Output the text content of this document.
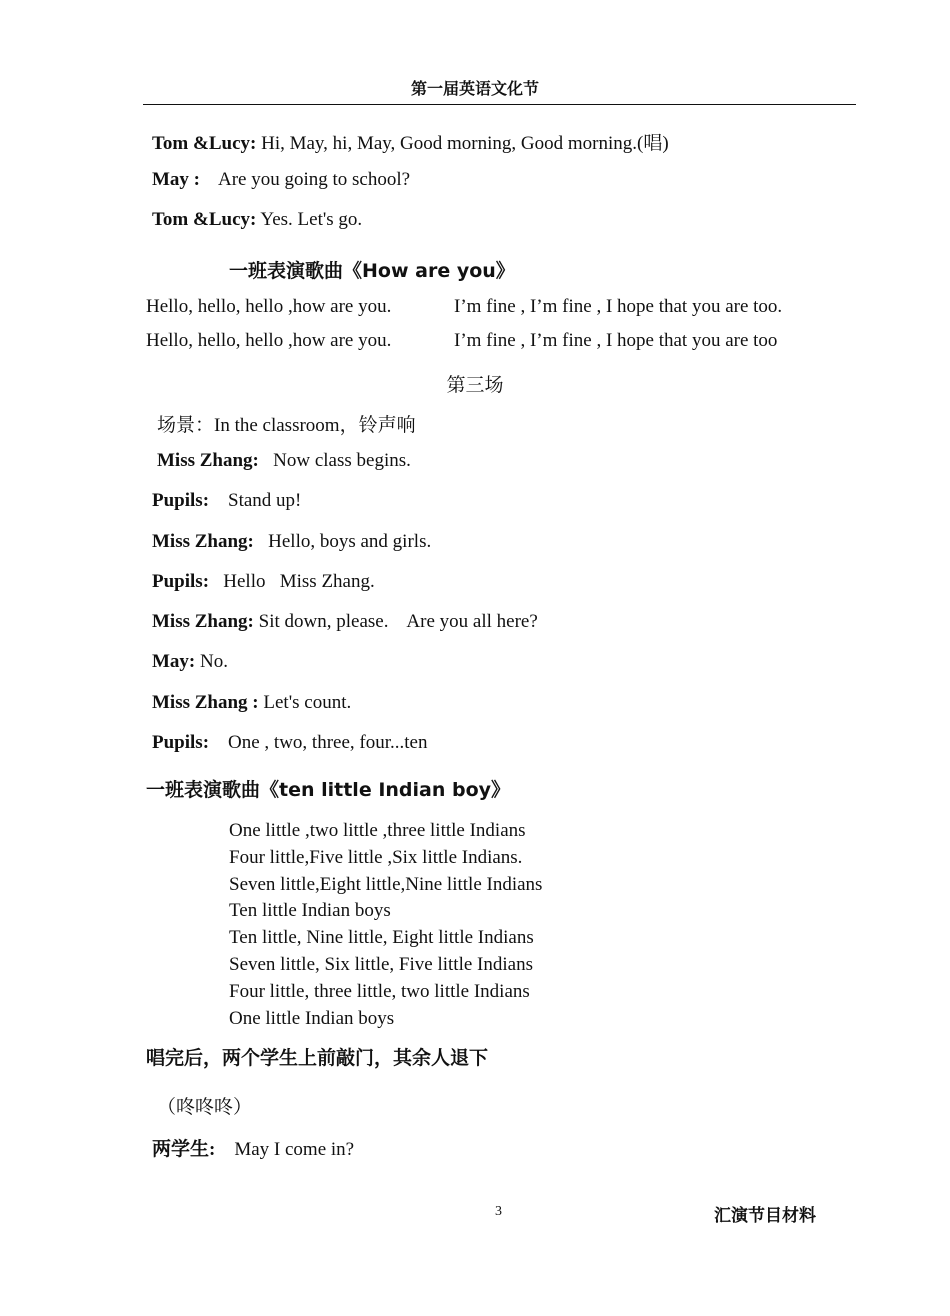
第一届英语文化节
Tom &Lucy: Hi, May, hi, May, Good morning, Good morning.(唱)
May :    Are you going to school?
Tom &Lucy: Yes. Let's go.
一班表演歌曲《How are you》
Hello, hello, hello ,how are you.	I’m fine , I’m fine , I hope that you are too.
Hello, hello, hello ,how are you.	I’m fine , I’m fine , I hope that you are too
第三场
场景：In the classroom，铃声响
Miss Zhang:   Now class begins.
Pupils:    Stand up!
Miss Zhang:   Hello, boys and girls.
Pupils:   Hello   Miss Zhang.
Miss Zhang: Sit down, please.    Are you all here?
May: No.
Miss Zhang : Let's count.
Pupils:    One , two, three, four...ten
一班表演歌曲《ten little Indian boy》
One little ,two little ,three little Indians
Four little,Five little ,Six little Indians.
Seven little,Eight little,Nine little Indians
Ten little Indian boys
Ten little, Nine little, Eight little Indians
Seven little, Six little, Five little Indians
Four little, three little, two little Indians
One little Indian boys
唱完后，两个学生上前敲门，其余人退下
（咚咚咚）
两学生:    May I come in?
3	汇演节目材料
